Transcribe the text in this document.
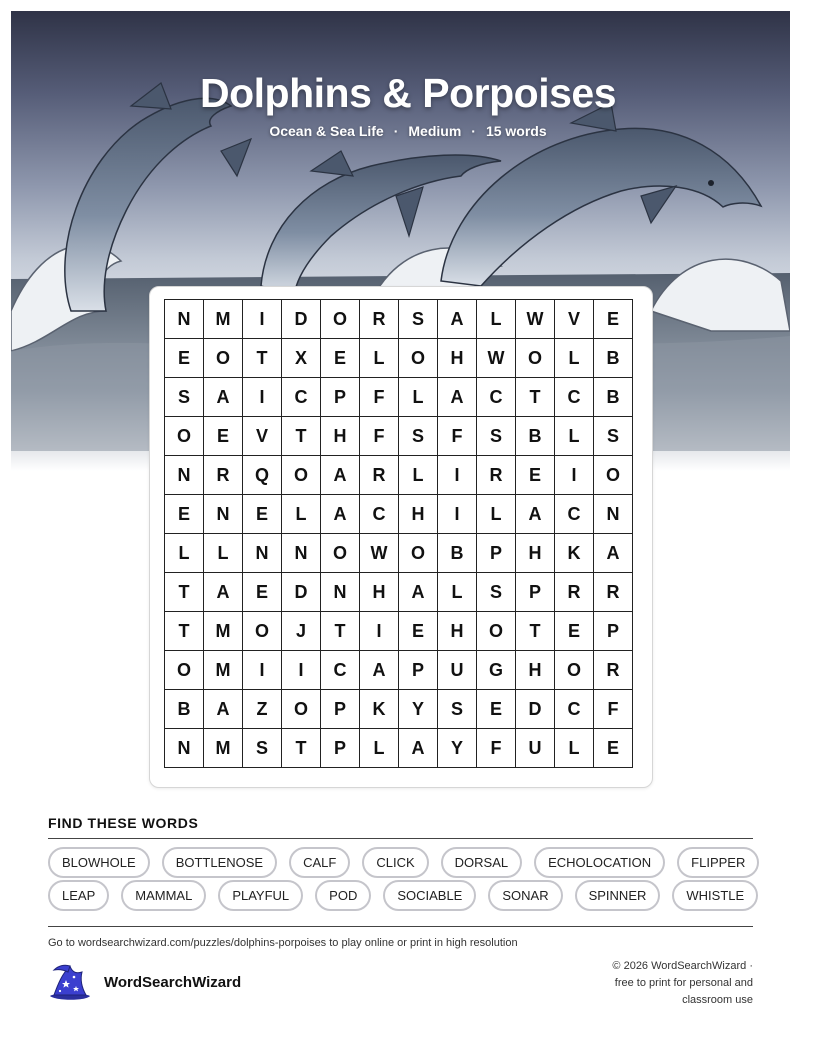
Dolphins & Porpoises
Ocean & Sea Life · Medium · 15 words
N	M	I	D	O	R	S	A	L	W	V	E
E	O	T	X	E	L	O	H	W	O	L	B
S	A	I	C	P	F	L	A	C	T	C	B
O	E	V	T	H	F	S	F	S	B	L	S
N	R	Q	O	A	R	L	I	R	E	I	O
E	N	E	L	A	C	H	I	L	A	C	N
L	L	N	N	O	W	O	B	P	H	K	A
T	A	E	D	N	H	A	L	S	P	R	R
T	M	O	J	T	I	E	H	O	T	E	P
O	M	I	I	C	A	P	U	G	H	O	R
B	A	Z	O	P	K	Y	S	E	D	C	F
N	M	S	T	P	L	A	Y	F	U	L	E
FIND THESE WORDS
BLOWHOLE	BOTTLENOSE	CALF	CLICK	DORSAL	ECHOLOCATION	FLIPPER
LEAP	MAMMAL	PLAYFUL	POD	SOCIABLE	SONAR	SPINNER	WHISTLE
Go to wordsearchwizard.com/puzzles/dolphins-porpoises to play online or print in high resolution
WordSearchWizard
© 2026 WordSearchWizard ·
free to print for personal and
classroom use
